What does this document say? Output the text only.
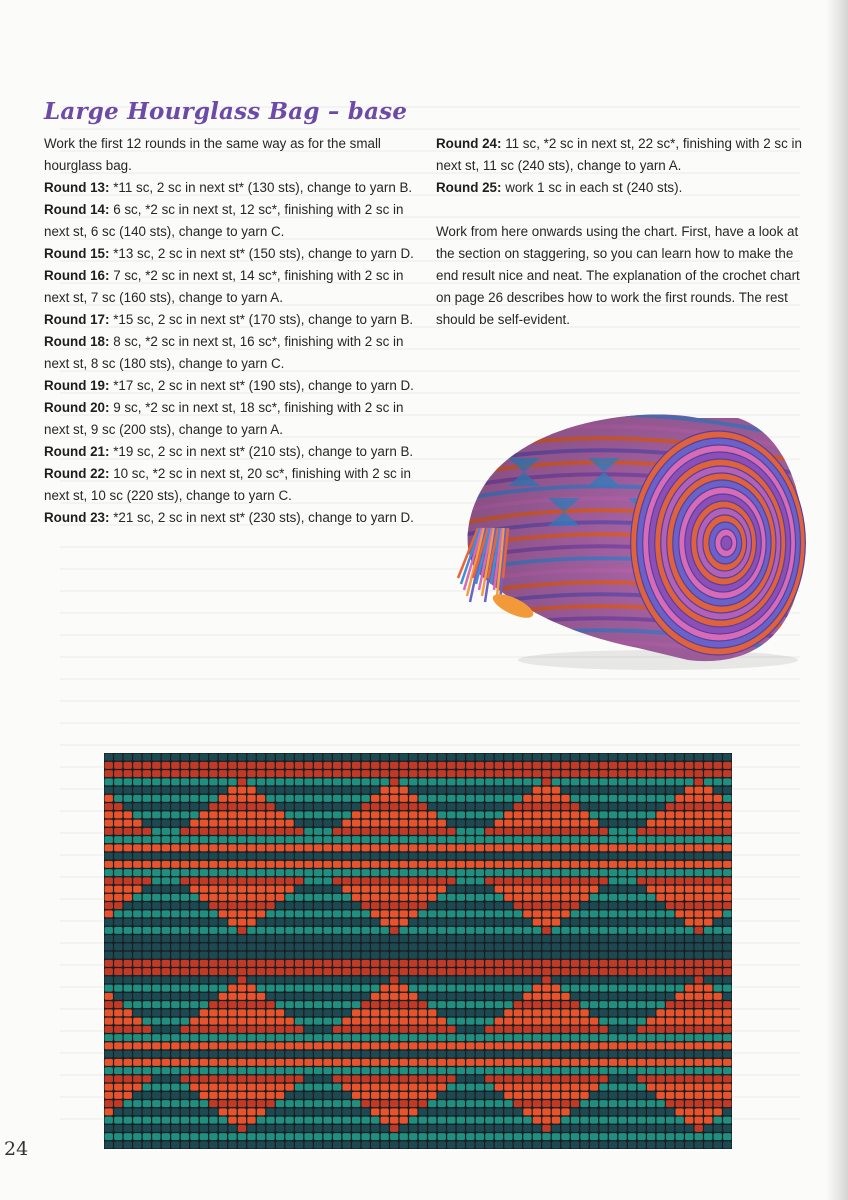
Large Hourglass Bag – base

Work the first 12 rounds in the same way as for the small hourglass bag.

Round 13: *11 sc, 2 sc in next st* (130 sts), change to yarn B.

Round 14: 6 sc, *2 sc in next st, 12 sc*, finishing with 2 sc in next st, 6 sc (140 sts), change to yarn C.

Round 15: *13 sc, 2 sc in next st* (150 sts), change to yarn D.

Round 16: 7 sc, *2 sc in next st, 14 sc*, finishing with 2 sc in next st, 7 sc (160 sts), change to yarn A.

Round 17: *15 sc, 2 sc in next st* (170 sts), change to yarn B.

Round 18: 8 sc, *2 sc in next st, 16 sc*, finishing with 2 sc in next st, 8 sc (180 sts), change to yarn C.

Round 19: *17 sc, 2 sc in next st* (190 sts), change to yarn D.

Round 20: 9 sc, *2 sc in next st, 18 sc*, finishing with 2 sc in next st, 9 sc (200 sts), change to yarn A.

Round 21: *19 sc, 2 sc in next st* (210 sts), change to yarn B.

Round 22: 10 sc, *2 sc in next st, 20 sc*, finishing with 2 sc in next st, 10 sc (220 sts), change to yarn C.

Round 23: *21 sc, 2 sc in next st* (230 sts), change to yarn D.

Round 24: 11 sc, *2 sc in next st, 22 sc*, finishing with 2 sc in next st, 11 sc (240 sts), change to yarn A.

Round 25: work 1 sc in each st (240 sts).

Work from here onwards using the chart. First, have a look at the section on staggering, so you can learn how to make the end result nice and neat. The explanation of the crochet chart on page 26 describes how to work the first rounds. The rest should be self-evident.

24
